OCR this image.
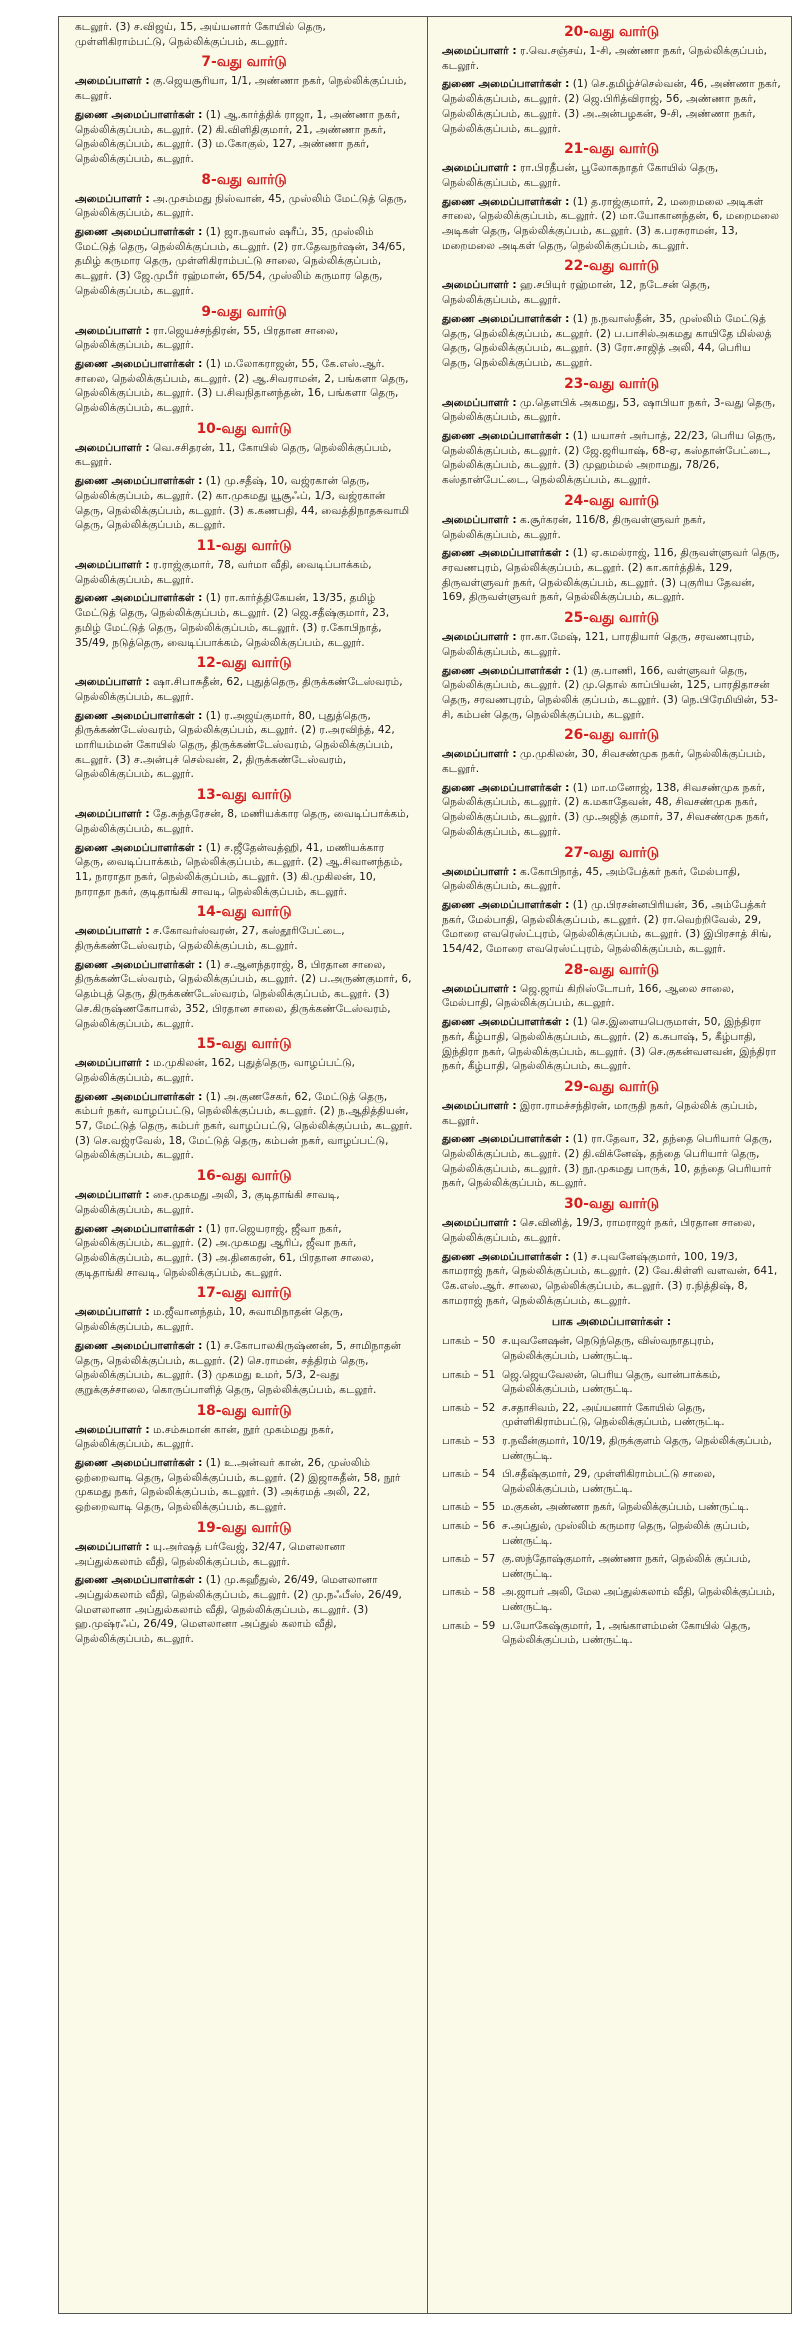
கடலூர். (3) ச.விஜய், 15, அய்யனார் கோயில் தெரு, முள்ளிகிராம்பட்டு, நெல்லிக்குப்பம், கடலூர்.

7-வது வார்டு

அமைப்பாளர் : கு.ஜெயசூரியா, 1/1, அண்ணா நகர், நெல்லிக்குப்பம், கடலூர்.

துணை அமைப்பாளர்கள் : (1) ஆ.கார்த்திக் ராஜா, 1, அண்ணா நகர், நெல்லிக்குப்பம், கடலூர். (2) கி.விளிதிகுமார், 21, அண்ணா நகர், நெல்லிக்குப்பம், கடலூர். (3) ம.கோகுல், 127, அண்ணா நகர், நெல்லிக்குப்பம், கடலூர்.

8-வது வார்டு

அமைப்பாளர் : அ.முசம்மது நிஸ்வான், 45, முஸ்லிம் மேட்டுத் தெரு, நெல்லிக்குப்பம், கடலூர்.

துணை அமைப்பாளர்கள் : (1) ஜா.நவாஸ் ஷரீப், 35, முஸ்லிம் மேட்டுத் தெரு, நெல்லிக்குப்பம், கடலூர். (2) ரா.தேவநர்ஷன், 34/65, தமிழ் கருமார தெரு, முள்ளிகிராம்பட்டு சாலை, நெல்லிக்குப்பம், கடலூர். (3) ஜே.முபீர் ரஹ்மான், 65/54, முஸ்லிம் கருமார தெரு, நெல்லிக்குப்பம், கடலூர்.

9-வது வார்டு

அமைப்பாளர் : ரா.ஜெயச்சந்திரன், 55, பிரதான சாலை, நெல்லிக்குப்பம், கடலூர்.

துணை அமைப்பாளர்கள் : (1) ம.லோகராஜன், 55, கே.எஸ்.ஆர். சாலை, நெல்லிக்குப்பம், கடலூர். (2) ஆ.சிவராமன், 2, பங்களா தெரு, நெல்லிக்குப்பம், கடலூர். (3) ப.சிவநிதானந்தன், 16, பங்களா தெரு, நெல்லிக்குப்பம், கடலூர்.

10-வது வார்டு

அமைப்பாளர் : வெ.சசிதரன், 11, கோயில் தெரு, நெல்லிக்குப்பம், கடலூர்.

துணை அமைப்பாளர்கள் : (1) மு.சதீஷ், 10, வஜ்ரகான் தெரு, நெல்லிக்குப்பம், கடலூர். (2) கா.முகமது யூசூஃப், 1/3, வஜ்ரகான் தெரு, நெல்லிக்குப்பம், கடலூர். (3) க.கணபதி, 44, வைத்திநாதசுவாமி தெரு, நெல்லிக்குப்பம், கடலூர்.

11-வது வார்டு

அமைப்பாளர் : ர.ராஜ்குமார், 78, வர்மா வீதி, வைடிப்பாக்கம், நெல்லிக்குப்பம், கடலூர்.

துணை அமைப்பாளர்கள் : (1) ரா.கார்த்திகேயன், 13/35, தமிழ் மேட்டுத் தெரு, நெல்லிக்குப்பம், கடலூர். (2) ஜெ.சதீஷ்குமார், 23, தமிழ் மேட்டுத் தெரு, நெல்லிக்குப்பம், கடலூர். (3) ர.கோபிநாத், 35/49, நடுத்தெரு, வைடிப்பாக்கம், நெல்லிக்குப்பம், கடலூர்.

12-வது வார்டு

அமைப்பாளர் : ஷா.சிபாசுதீன், 62, புதுத்தெரு, திருக்கண்டேஸ்வரம், நெல்லிக்குப்பம், கடலூர்.

துணை அமைப்பாளர்கள் : (1) ர.அஜய்குமார், 80, புதுத்தெரு, திருக்கண்டேஸ்வரம், நெல்லிக்குப்பம், கடலூர். (2) ர.அரவிந்த், 42, மாரியம்மன் கோயில் தெரு, திருக்கண்டேஸ்வரம், நெல்லிக்குப்பம், கடலூர். (3) ச.அன்புச் செல்வன், 2, திருக்கண்டேஸ்வரம், நெல்லிக்குப்பம், கடலூர்.

13-வது வார்டு

அமைப்பாளர் : தே.சுந்தரேசன், 8, மணியக்கார தெரு, வைடிப்பாக்கம், நெல்லிக்குப்பம், கடலூர்.

துணை அமைப்பாளர்கள் : (1) ச.ஜீதேன்வத்ஹி, 41, மணியக்கார தெரு, வைடிப்பாக்கம், நெல்லிக்குப்பம், கடலூர். (2) ஆ.சிவானந்தம், 11, நாராதா நகர், நெல்லிக்குப்பம், கடலூர். (3) கி.முகிலன், 10, நாராதா நகர், குடிதாங்கி சாவடி, நெல்லிக்குப்பம், கடலூர்.

14-வது வார்டு

அமைப்பாளர் : ச.கோவர்ஸ்வரன், 27, கஸ்தூரிபேட்டை, திருக்கண்டேஸ்வரம், நெல்லிக்குப்பம், கடலூர்.

துணை அமைப்பாளர்கள் : (1) ச.ஆனந்தராஜ், 8, பிரதான சாலை, திருக்கண்டேஸ்வரம், நெல்லிக்குப்பம், கடலூர். (2) ப.அருண்குமார், 6, தெம்புத் தெரு, திருக்கண்டேஸ்வரம், நெல்லிக்குப்பம், கடலூர். (3) செ.கிருஷ்ணகோபால், 352, பிரதான சாலை, திருக்கண்டேஸ்வரம், நெல்லிக்குப்பம், கடலூர்.

15-வது வார்டு

அமைப்பாளர் : ம.முகிலன், 162, புதுத்தெரு, வாழப்பட்டு, நெல்லிக்குப்பம், கடலூர்.

துணை அமைப்பாளர்கள் : (1) அ.குணசேகர், 62, மேட்டுத் தெரு, கம்பர் நகர், வாழப்பட்டு, நெல்லிக்குப்பம், கடலூர். (2) ந.ஆதித்தியன், 57, மேட்டுத் தெரு, கம்பர் நகர், வாழப்பட்டு, நெல்லிக்குப்பம், கடலூர். (3) செ.வஜ்ரவேல், 18, மேட்டுத் தெரு, கம்பன் நகர், வாழப்பட்டு, நெல்லிக்குப்பம், கடலூர்.

16-வது வார்டு

அமைப்பாளர் : சை.முகமது அலி, 3, குடிதாங்கி சாவடி, நெல்லிக்குப்பம், கடலூர்.

துணை அமைப்பாளர்கள் : (1) ரா.ஜெயராஜ், ஜீவா நகர், நெல்லிக்குப்பம், கடலூர். (2) அ.முகமது ஆரிப், ஜீவா நகர், நெல்லிக்குப்பம், கடலூர். (3) அ.தினகரன், 61, பிரதான சாலை, குடிதாங்கி சாவடி, நெல்லிக்குப்பம், கடலூர்.

17-வது வார்டு

அமைப்பாளர் : ம.ஜீவானந்தம், 10, சுவாமிநாதன் தெரு, நெல்லிக்குப்பம், கடலூர்.

துணை அமைப்பாளர்கள் : (1) ச.கோபாலகிருஷ்ணன், 5, சாமிநாதன் தெரு, நெல்லிக்குப்பம், கடலூர். (2) செ.ராமன், சத்திரம் தெரு, நெல்லிக்குப்பம், கடலூர். (3) முகமது உமர், 5/3, 2-வது குறுக்குச்சாலை, கொருப்பாளித் தெரு, நெல்லிக்குப்பம், கடலூர்.

18-வது வார்டு

அமைப்பாளர் : ம.சம்சுமான் கான், நூர் முகம்மது நகர், நெல்லிக்குப்பம், கடலூர்.

துணை அமைப்பாளர்கள் : (1) உ.அன்வர் கான், 26, முஸ்லிம் ஒற்றைவாடி தெரு, நெல்லிக்குப்பம், கடலூர். (2) இஜாசுதீன், 58, நூர் முகமது நகர், நெல்லிக்குப்பம், கடலூர். (3) அக்ரமத் அலி, 22, ஒற்றைவாடி தெரு, நெல்லிக்குப்பம், கடலூர்.

19-வது வார்டு

அமைப்பாளர் : யு.அர்ஷத் பர்வேஜ், 32/47, மௌலானா அப்துல்கலாம் வீதி, நெல்லிக்குப்பம், கடலூர்.

துணை அமைப்பாளர்கள் : (1) மு.கஹீதுல், 26/49, மௌலானா அப்துல்கலாம் வீதி, நெல்லிக்குப்பம், கடலூர். (2) மு.நஃபீஸ், 26/49, மௌலானா அப்துல்கலாம் வீதி, நெல்லிக்குப்பம், கடலூர். (3) ஹ.முஷ்ரஃப், 26/49, மௌலானா அப்துல் கலாம் வீதி, நெல்லிக்குப்பம், கடலூர்.

20-வது வார்டு

அமைப்பாளர் : ர.வெ.சஞ்சய், 1-சி, அண்ணா நகர், நெல்லிக்குப்பம், கடலூர்.

துணை அமைப்பாளர்கள் : (1) செ.தமிழ்ச்செல்வன், 46, அண்ணா நகர், நெல்லிக்குப்பம், கடலூர். (2) ஜெ.பிரித்விராஜ், 56, அண்ணா நகர், நெல்லிக்குப்பம், கடலூர். (3) அ.அன்பழகன், 9-சி, அண்ணா நகர், நெல்லிக்குப்பம், கடலூர்.

21-வது வார்டு

அமைப்பாளர் : ரா.பிரதீபன், பூலோகநாதர் கோயில் தெரு, நெல்லிக்குப்பம், கடலூர்.

துணை அமைப்பாளர்கள் : (1) த.ராஜ்குமார், 2, மறைமலை அடிகள் சாலை, நெல்லிக்குப்பம், கடலூர். (2) மா.யோகானந்தன், 6, மறைமலை அடிகள் தெரு, நெல்லிக்குப்பம், கடலூர். (3) க.பரசுராமன், 13, மறைமலை அடிகள் தெரு, நெல்லிக்குப்பம், கடலூர்.

22-வது வார்டு

அமைப்பாளர் : ஹ.சபியுர் ரஹ்மான், 12, நடேசன் தெரு, நெல்லிக்குப்பம், கடலூர்.

துணை அமைப்பாளர்கள் : (1) ந.நவாஸ்தீன், 35, முஸ்லிம் மேட்டுத் தெரு, நெல்லிக்குப்பம், கடலூர். (2) ப.பாசில்அகமது காயிதே மில்லத் தெரு, நெல்லிக்குப்பம், கடலூர். (3) ரோ.சாஜித் அலி, 44, பெரிய தெரு, நெல்லிக்குப்பம், கடலூர்.

23-வது வார்டு

அமைப்பாளர் : மு.தௌபிக் அகமது, 53, ஷாபியா நகர், 3-வது தெரு, நெல்லிக்குப்பம், கடலூர்.

துணை அமைப்பாளர்கள் : (1) யயாசர் அர்பாத், 22/23, பெரிய தெரு, நெல்லிக்குப்பம், கடலூர். (2) ஜே.ஜரியாஷ், 68-ஏ, கஸ்தான்பேட்டை, நெல்லிக்குப்பம், கடலூர். (3) முஹம்மல் அறாமது, 78/26, கஸ்தான்பேட்டை, நெல்லிக்குப்பம், கடலூர்.

24-வது வார்டு

அமைப்பாளர் : க.சூர்கரன், 116/8, திருவள்ளுவர் நகர், நெல்லிக்குப்பம், கடலூர்.

துணை அமைப்பாளர்கள் : (1) ஏ.கமல்ராஜ், 116, திருவள்ளுவர் தெரு, சரவணபுரம், நெல்லிக்குப்பம், கடலூர். (2) கா.கார்த்திக், 129, திருவள்ளுவர் நகர், நெல்லிக்குப்பம், கடலூர். (3) புகுரிய தேவன், 169, திருவள்ளுவர் நகர், நெல்லிக்குப்பம், கடலூர்.

25-வது வார்டு

அமைப்பாளர் : ரா.கா.மேஷ், 121, பாரதியார் தெரு, சரவணபுரம், நெல்லிக்குப்பம், கடலூர்.

துணை அமைப்பாளர்கள் : (1) கு.பாணி, 166, வள்ளுவர் தெரு, நெல்லிக்குப்பம், கடலூர். (2) மு.தொல் காப்பியன், 125, பாரதிதாசன் தெரு, சரவணபுரம், நெல்லிக் குப்பம், கடலூர். (3) நெ.பிரேமியின், 53-சி, கம்பன் தெரு, நெல்லிக்குப்பம், கடலூர்.

26-வது வார்டு

அமைப்பாளர் : மு.முகிலன், 30, சிவசண்முக நகர், நெல்லிக்குப்பம், கடலூர்.

துணை அமைப்பாளர்கள் : (1) மா.மனோஜ், 138, சிவசண்முக நகர், நெல்லிக்குப்பம், கடலூர். (2) க.மகாதேவன், 48, சிவசண்முக நகர், நெல்லிக்குப்பம், கடலூர். (3) மு.அஜித் குமார், 37, சிவசண்முக நகர், நெல்லிக்குப்பம், கடலூர்.

27-வது வார்டு

அமைப்பாளர் : க.கோபிநாத், 45, அம்பேத்கர் நகர், மேல்பாதி, நெல்லிக்குப்பம், கடலூர்.

துணை அமைப்பாளர்கள் : (1) மு.பிரசன்னபிரியன், 36, அம்பேத்கர் நகர், மேல்பாதி, நெல்லிக்குப்பம், கடலூர். (2) ரா.வெற்றிவேல், 29, மோரை எவரெஸ்ட்புரம், நெல்லிக்குப்பம், கடலூர். (3) இபிரசாத் சிங், 154/42, மோரை எவரெஸ்ட்புரம், நெல்லிக்குப்பம், கடலூர்.

28-வது வார்டு

அமைப்பாளர் : ஜெ.ஜாய் கிறிஸ்டோபர், 166, ஆலை சாலை, மேல்பாதி, நெல்லிக்குப்பம், கடலூர்.

துணை அமைப்பாளர்கள் : (1) செ.இளையபெருமாள், 50, இந்திரா நகர், கீழ்பாதி, நெல்லிக்குப்பம், கடலூர். (2) க.சுபாஷ், 5, கீழ்பாதி, இந்திரா நகர், நெல்லிக்குப்பம், கடலூர். (3) செ.குகன்வளவன், இந்திரா நகர், கீழ்பாதி, நெல்லிக்குப்பம், கடலூர்.

29-வது வார்டு

அமைப்பாளர் : இரா.ராமச்சந்திரன், மாருதி நகர், நெல்லிக் குப்பம், கடலூர்.

துணை அமைப்பாளர்கள் : (1) ரா.தேவா, 32, தந்தை பெரியார் தெரு, நெல்லிக்குப்பம், கடலூர். (2) தி.விக்னேஷ், தந்தை பெரியார் தெரு, நெல்லிக்குப்பம், கடலூர். (3) நூ.முகமது பாருக், 10, தந்தை பெரியார் நகர், நெல்லிக்குப்பம், கடலூர்.

30-வது வார்டு

அமைப்பாளர் : செ.வினித், 19/3, ராமராஜர் நகர், பிரதான சாலை, நெல்லிக்குப்பம், கடலூர்.

துணை அமைப்பாளர்கள் : (1) ச.புவனேஷ்குமார், 100, 19/3, காமராஜ் நகர், நெல்லிக்குப்பம், கடலூர். (2) வே.கிள்ளி வளவன், 641, கே.எஸ்.ஆர். சாலை, நெல்லிக்குப்பம், கடலூர். (3) ர.நித்திஷ், 8, காமராஜ் நகர், நெல்லிக்குப்பம், கடலூர்.

பாக அமைப்பாளர்கள் :
பாகம் – 50 ச.யுவனேஷன், நெடுந்தெரு, விஸ்வநாதபுரம், நெல்லிக்குப்பம், பண்ருட்டி.
பாகம் – 51 ஜெ.ஜெயவேலன், பெரிய தெரு, வான்பாக்கம், நெல்லிக்குப்பம், பண்ருட்டி.
பாகம் – 52 ச.சதாசிவம், 22, அய்யனார் கோயில் தெரு, முள்ளிகிராம்பட்டு, நெல்லிக்குப்பம், பண்ருட்டி.
பாகம் – 53 ர.நவீன்குமார், 10/19, திருக்குளம் தெரு, நெல்லிக்குப்பம், பண்ருட்டி.
பாகம் – 54 பி.சதீஷ்குமார், 29, முள்ளிகிராம்பட்டு சாலை, நெல்லிக்குப்பம், பண்ருட்டி.
பாகம் – 55 ம.குகன், அண்ணா நகர், நெல்லிக்குப்பம், பண்ருட்டி.
பாகம் – 56 ச.அப்துல், முஸ்லிம் கருமார தெரு, நெல்லிக் குப்பம், பண்ருட்டி.
பாகம் – 57 கு.ஸந்தோஷ்குமார், அண்ணா நகர், நெல்லிக் குப்பம், பண்ருட்டி.
பாகம் – 58 அ.ஜாபர் அலி, மேல அப்துல்கலாம் வீதி, நெல்லிக்குப்பம், பண்ருட்டி.
பாகம் – 59 ப.யோகேஷ்குமார், 1, அங்காளம்மன் கோயில் தெரு, நெல்லிக்குப்பம், பண்ருட்டி.
